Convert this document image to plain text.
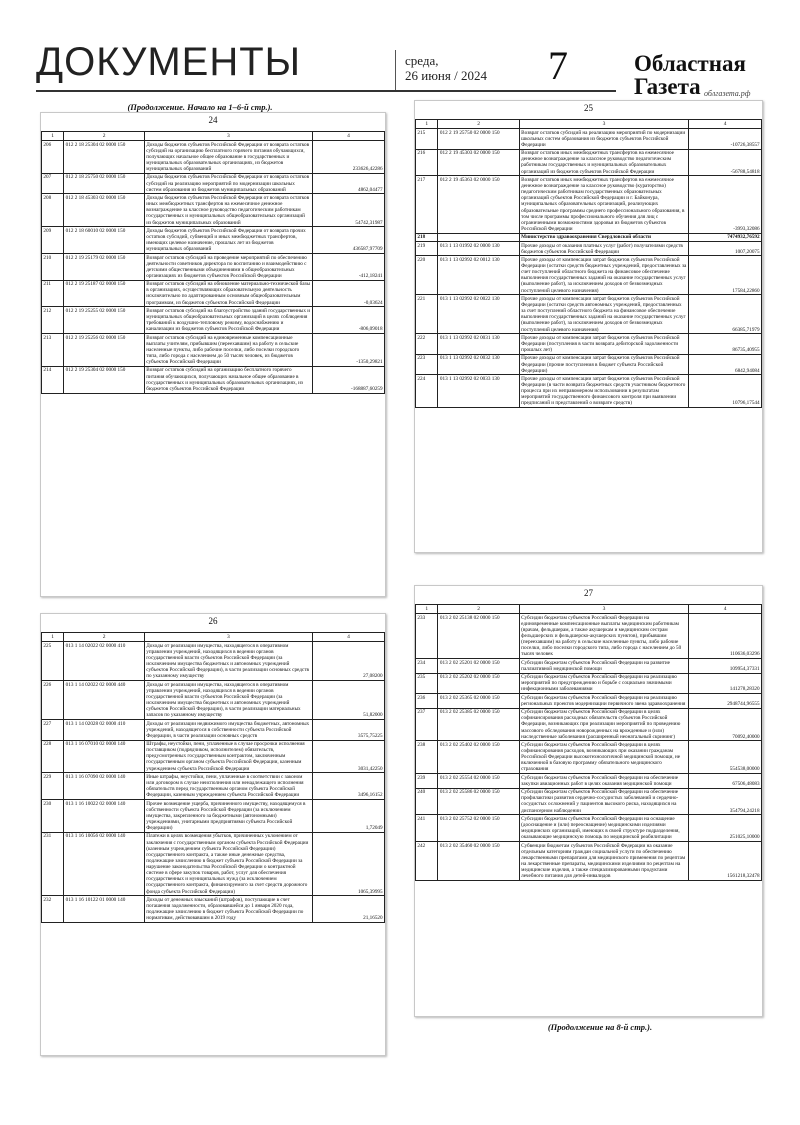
ДОКУМЕНТЫ	среда,
26 июня / 2024 7	Областная
Газета облгазета.рф
(Продолжение. Начало на 1–6-й стр.).
24
1	2	3	4
206	012 2 18 25304 02 0000 150	Доходы бюджетов субъектов Российской Федерации от возврата остатков субсидий на организацию бесплатного горячего питания обучающихся, получающих начальное общее образование в государственных и муниципальных образовательных организациях, из бюджетов муниципальных образований	233626,42286
207	012 2 18 25750 02 0000 150	Доходы бюджетов субъектов Российской Федерации от возврата остатков субсидий на реализацию мероприятий по модернизации школьных систем образования из бюджетов муниципальных образований	4862,04477
208	012 2 18 45303 02 0000 150	Доходы бюджетов субъектов Российской Федерации от возврата остатков иных межбюджетных трансфертов на ежемесячное денежное вознаграждение за классное руководство педагогическим работникам государственных и муниципальных общеобразовательных организаций из бюджетов муниципальных образований	54742,31987
209	012 2 18 60010 02 0000 150	Доходы бюджетов субъектов Российской Федерации от возврата прочих остатков субсидий, субвенций и иных межбюджетных трансфертов, имеющих целевое назначение, прошлых лет из бюджетов муниципальных образований	436587,97709
210	012 2 19 25179 02 0000 150	Возврат остатков субсидий на проведение мероприятий по обеспечению деятельности советников директора по воспитанию и взаимодействию с детскими общественными объединениями в общеобразовательных организациях из бюджетов субъектов Российской Федерации	-412,18241
211	012 2 19 25187 02 0000 150	Возврат остатков субсидий на обновление материально-технической базы в организациях, осуществляющих образовательную деятельность исключительно по адаптированным основным общеобразовательным программам, из бюджетов субъектов Российской Федерации	-0,03624
212	012 2 19 25255 02 0000 150	Возврат остатков субсидий на благоустройство зданий государственных и муниципальных общеобразовательных организаций в целях соблюдения требований к воздушно-тепловому режиму, водоснабжению и канализации из бюджетов субъектов Российской Федерации	-806,09018
213	012 2 19 25256 02 0000 150	Возврат остатков субсидий на единовременные компенсационные выплаты учителям, прибывшим (переехавшим) на работу в сельские населенные пункты, либо рабочие поселки, либо поселки городского типа, либо города с населением до 50 тысяч человек, из бюджетов субъектов Российской Федерации	-1350,29821
214	012 2 19 25304 02 0000 150	Возврат остатков субсидий на организацию бесплатного горячего питания обучающихся, получающих начальное общее образование в государственных и муниципальных образовательных организациях, из бюджетов субъектов Российской Федерации	-168887,60259
25
1	2	3	4
215	012 2 19 25750 02 0000 150	Возврат остатков субсидий на реализацию мероприятий по модернизации школьных систем образования из бюджетов субъектов Российской Федерации	-10726,38557
216	012 2 19 45303 02 0000 150	Возврат остатков иных межбюджетных трансфертов на ежемесячное денежное вознаграждение за классное руководство педагогическим работникам государственных и муниципальных образовательных организаций из бюджетов субъектов Российской Федерации	-56788,54818
217	012 2 19 45363 02 0000 150	Возврат остатков иных межбюджетных трансфертов на ежемесячное денежное вознаграждение за классное руководство (кураторство) педагогическим работникам государственных образовательных организаций субъектов Российской Федерации и г. Байконура, муниципальных образовательных организаций, реализующих образовательные программы среднего профессионального образования, в том числе программы профессионального обучения для лиц с ограниченными возможностями здоровья из бюджетов субъектов Российской Федерации	-3993,32086
218		Министерство здравоохранения Свердловской области	7474932,76592
219	013 1 13 01992 02 0000 130	Прочие доходы от оказания платных услуг (работ) получателями средств бюджетов субъектов Российской Федерации	1007,20075
220	013 1 13 02992 02 0012 130	Прочие доходы от компенсации затрат бюджетов субъектов Российской Федерации (остатки средств бюджетных учреждений, предоставленных за счет поступлений областного бюджета на финансовое обеспечение выполнения государственных заданий на оказание государственных услуг (выполнение работ), за исключением доходов от безвозмездных поступлений целевого назначения)	17584,22860
221	013 1 13 02992 02 0022 130	Прочие доходы от компенсации затрат бюджетов субъектов Российской Федерации (остатки средств автономных учреждений, предоставленных за счет поступлений областного бюджета на финансовое обеспечение выполнения государственных заданий на оказание государственных услуг (выполнение работ), за исключением доходов от безвозмездных поступлений целевого назначения)	66385,71979
222	013 1 13 02992 02 0031 130	Прочие доходы от компенсации затрат бюджетов субъектов Российской Федерации (поступления в части возврата дебиторской задолженности прошлых лет)	86735,40955
223	013 1 13 02992 02 0032 130	Прочие доходы от компенсации затрат бюджетов субъектов Российской Федерации (прочие поступления в бюджет субъекта Российской Федерации)	6842,94084
224	013 1 13 02992 02 0033 130	Прочие доходы от компенсации затрат бюджетов субъектов Российской Федерации (в части возврата бюджетных средств участником бюджетного процесса при их неправомерном использовании в результатам мероприятий государственного финансового контроля при выявлении предписаний и представлений о возврате средств)	10796,17544
26
1	2	3	4
225	013 1 14 02022 02 0000 410	Доходы от реализации имущества, находящегося в оперативном управлении учреждений, находящихся в ведении органов государственной власти субъектов Российской Федерации (за исключением имущества бюджетных и автономных учреждений субъектов Российской Федерации), в части реализации основных средств по указанному имуществу	27,08200
226	013 1 14 02022 02 0000 440	Доходы от реализации имущества, находящегося в оперативном управлении учреждений, находящихся в ведении органов государственной власти субъектов Российской Федерации (за исключением имущества бюджетных и автономных учреждений субъектов Российской Федерации), в части реализации материальных запасов по указанному имуществу	51,82000
227	013 1 14 02028 02 0000 410	Доходы от реализации недвижимого имущества бюджетных, автономных учреждений, находящегося в собственности субъекта Российской Федерации, в части реализации основных средств	3575,75225
228	013 1 16 07010 02 0000 140	Штрафы, неустойки, пени, уплаченные в случае просрочки исполнения поставщиком (подрядчиком, исполнителем) обязательств, предусмотренных государственным контрактом, заключенным государственным органом субъекта Российской Федерации, казенным учреждением субъекта Российской Федерации	3031,42250
229	013 1 16 07090 02 0000 140	Иные штрафы, неустойки, пени, уплаченные в соответствии с законом или договором в случае неисполнения или ненадлежащего исполнения обязательств перед государственным органом субъекта Российской Федерации, казенным учреждением субъекта Российской Федерации	3496,16152
230	013 1 16 10022 02 0000 140	Прочее возмещение ущерба, причиненного имуществу, находящемуся в собственности субъекта Российской Федерации (за исключением имущества, закрепленного за бюджетными (автономными) учреждениями, унитарными предприятиями субъекта Российской Федерации)	1,72049
231	013 1 16 10056 02 0000 140	Платежи в целях возмещения убытков, причиненных уклонением от заключения с государственным органом субъекта Российской Федерации (казенным учреждением субъекта Российской Федерации) государственного контракта, а также иные денежные средства, подлежащие зачислению в бюджет субъекта Российской Федерации за нарушение законодательства Российской Федерации о контрактной системе в сфере закупок товаров, работ, услуг для обеспечения государственных и муниципальных нужд (за исключением государственного контракта, финансируемого за счет средств дорожного фонда субъекта Российской Федерации)	1065,39995
232	013 1 16 10122 01 0000 140	Доходы от денежных взысканий (штрафов), поступающие в счет погашения задолженности, образовавшейся до 1 января 2020 года, подлежащие зачислению в бюджет субъекта Российской Федерации по нормативам, действовавшим в 2019 году	21,16520
27
1	2	3	4
233	013 2 02 25138 02 0000 150	Субсидии бюджетам субъектов Российской Федерации на единовременные компенсационные выплаты медицинским работникам (врачам, фельдшерам, а также акушеркам и медицинским сестрам фельдшерских и фельдшерско-акушерских пунктов), прибывшим (переехавшим) на работу в сельские населенные пункты, либо рабочие поселки, либо поселки городского типа, либо города с населением до 50 тысяч человек	110636,03296
234	013 2 02 25201 02 0000 150	Субсидии бюджетам субъектов Российской Федерации на развитие паллиативной медицинской помощи	109954,37331
235	013 2 02 25202 02 0000 150	Субсидии бюджетам субъектов Российской Федерации на реализацию мероприятий по предупреждению и борьбе с социально значимыми инфекционными заболеваниями	141278,28320
236	013 2 02 25365 02 0000 150	Субсидии бюджетам субъектов Российской Федерации на реализацию региональных проектов модернизации первичного звена здравоохранения	2948744,96555
237	013 2 02 25385 02 0000 150	Субсидии бюджетам субъектов Российской Федерации в целях софинансирования расходных обязательств субъектов Российской Федерации, возникающих при реализации мероприятий по проведению массового обследования новорожденных на врожденные и (или) наследственные заболевания (расширенный неонатальный скрининг)	70092,40000
238	013 2 02 25402 02 0000 150	Субсидии бюджетам субъектов Российской Федерации в целях софинансирования расходов, возникающих при оказании гражданам Российской Федерации высокотехнологичной медицинской помощи, не включенной в базовую программу обязательного медицинского страхования	554538,00000
239	013 2 02 25554 02 0000 150	Субсидии бюджетам субъектов Российской Федерации на обеспечение закупки авиационных работ в целях оказания медицинской помощи	67506,48083
240	013 2 02 25586 02 0000 150	Субсидии бюджетам субъектов Российской Федерации на обеспечение профилактики развития сердечно-сосудистых заболеваний и сердечно-сосудистых осложнений у пациентов высокого риска, находящихся на диспансерном наблюдении	354794,24218
241	013 2 02 25752 02 0000 150	Субсидии бюджетам субъектов Российской Федерации на оснащение (дооснащение и (или) переоснащение) медицинскими изделиями медицинских организаций, имеющих в своей структуре подразделения, оказывающие медицинскую помощь по медицинской реабилитации	251025,10000
242	013 2 02 35460 02 0000 150	Субвенции бюджетам субъектов Российской Федерации на оказание отдельным категориям граждан социальной услуги по обеспечению лекарственными препаратами для медицинского применения по рецептам на лекарственные препараты, медицинскими изделиями по рецептам на медицинские изделия, а также специализированными продуктами лечебного питания для детей-инвалидов	1561218,32478
(Продолжение на 8-й стр.).
